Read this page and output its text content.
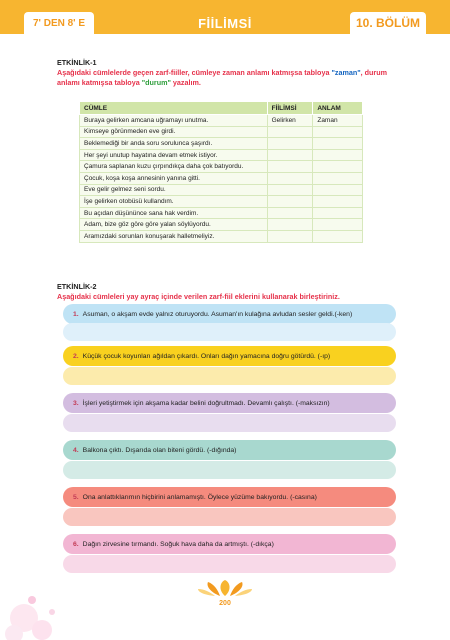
7' DEN 8' E	FİİLİMSİ	10. BÖLÜM
ETKİNLİK-1
Aşağıdaki cümlelerde geçen zarf-fiiller, cümleye zaman anlamı katmışsa tabloya "zaman", durum anlamı katmışsa tabloya "durum" yazalım.
CÜMLE	FİİLİMSİ	ANLAM
Buraya gelirken amcana uğramayı unutma.	Gelirken	Zaman
Kimseye görünmeden eve girdi.		
Beklemediği bir anda soru sorulunca şaşırdı.		
Her şeyi unutup hayatına devam etmek istiyor.		
Çamura saplanan kuzu çırpındıkça daha çok batıyordu.		
Çocuk, koşa koşa annesinin yanına gitti.		
Eve gelir gelmez seni sordu.		
İşe gelirken otobüsü kullandım.		
Bu açıdan düşününce sana hak verdim.		
Adam, bize göz göre göre yalan söylüyordu.		
Aramızdaki sorunları konuşarak halletmeliyiz.		
ETKİNLİK-2
Aşağıdaki cümleleri yay ayraç içinde verilen zarf-fiil eklerini kullanarak birleştiriniz.
1. Asuman, o akşam evde yalnız oturuyordu. Asuman'ın kulağına avludan sesler geldi.(-ken)
2. Küçük çocuk koyunları ağıldan çıkardı. Onları dağın yamacına doğru götürdü. (-ıp)
3. İşleri yetiştirmek için akşama kadar belini doğrultmadı. Devamlı çalıştı. (-maksızın)
4. Balkona çıktı. Dışarıda olan biteni gördü. (-dığında)
5. Ona anlattıklarımın hiçbirini anlamamıştı. Öylece yüzüme bakıyordu. (-casına)
6. Dağın zirvesine tırmandı. Soğuk hava daha da artmıştı. (-dıkça)
200
